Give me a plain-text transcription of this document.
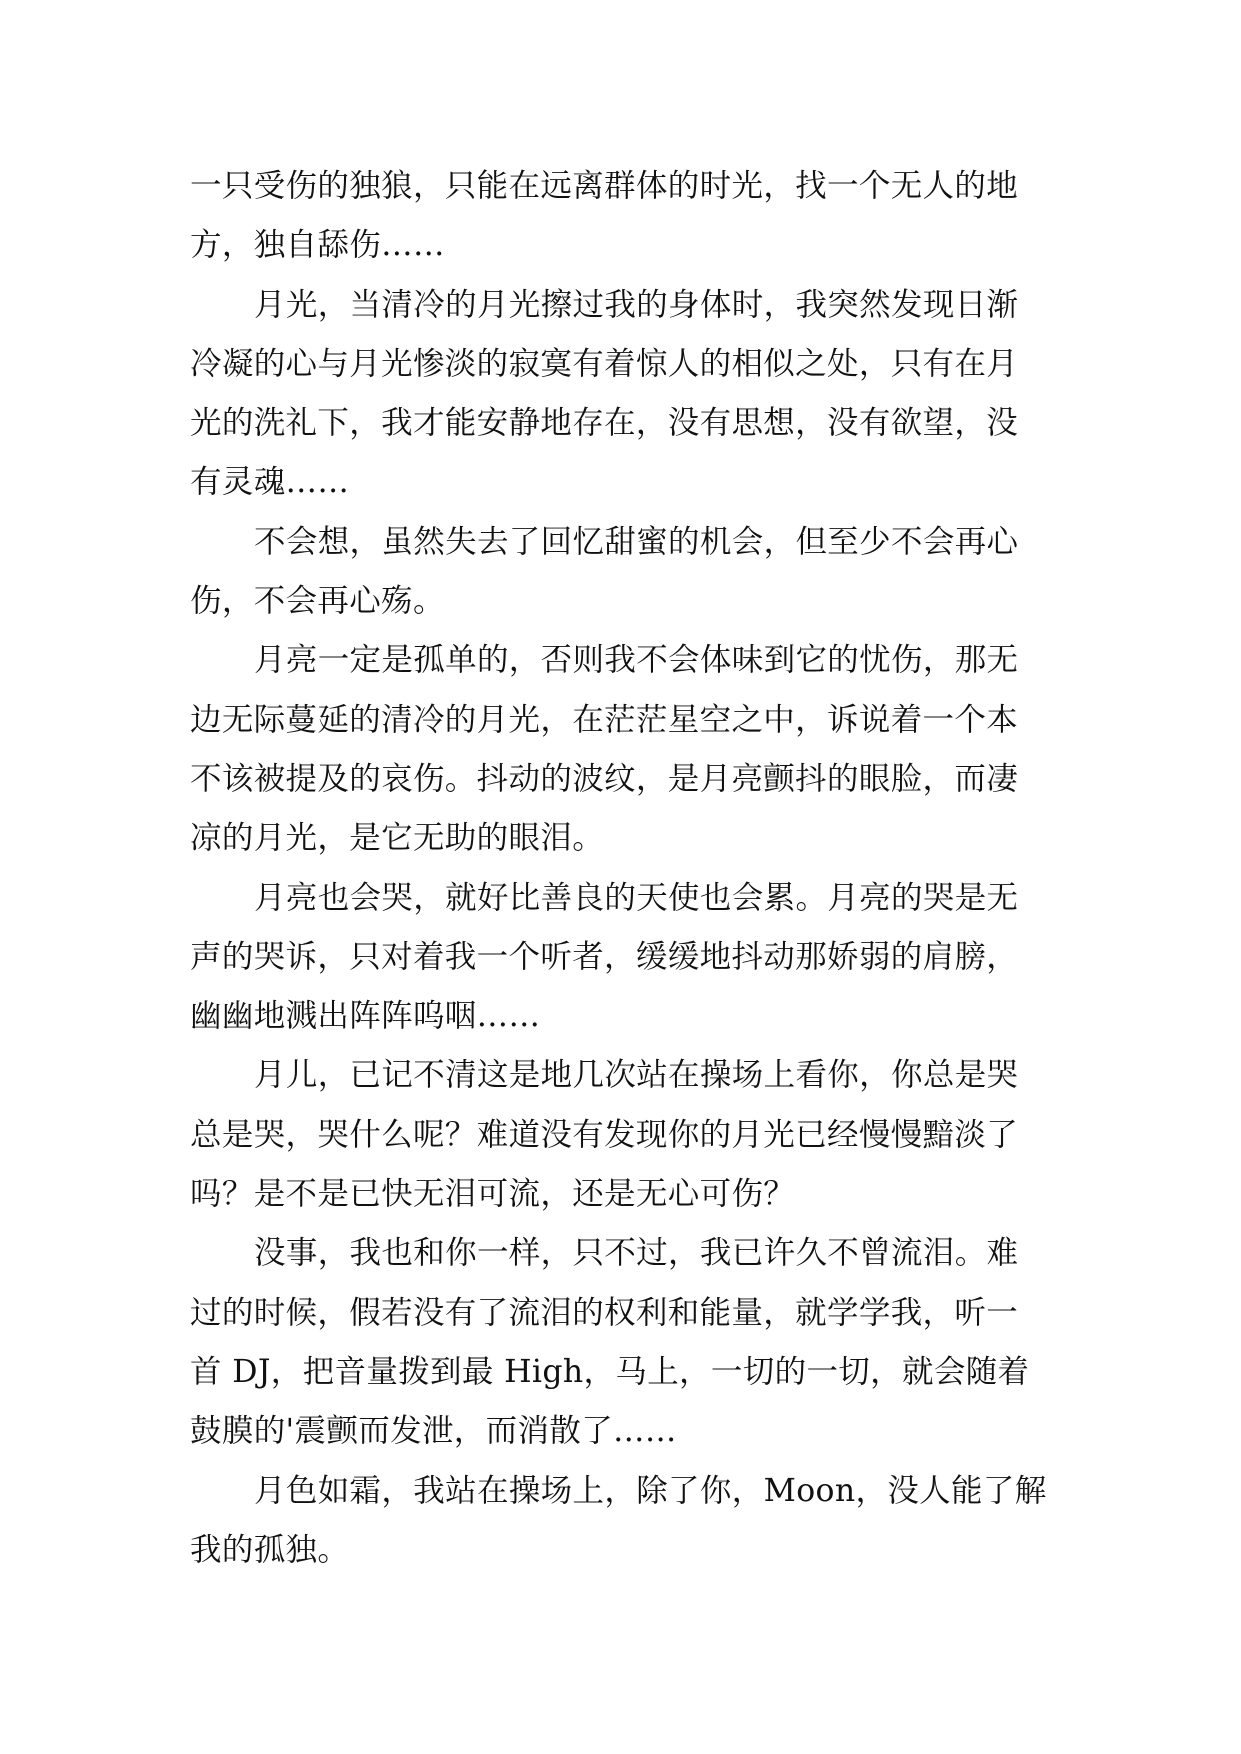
一只受伤的独狼，只能在远离群体的时光，找一个无人的地
方，独自舔伤……
月光，当清冷的月光擦过我的身体时，我突然发现日渐
冷凝的心与月光惨淡的寂寞有着惊人的相似之处，只有在月
光的洗礼下，我才能安静地存在，没有思想，没有欲望，没
有灵魂……
不会想，虽然失去了回忆甜蜜的机会，但至少不会再心
伤，不会再心殇。
月亮一定是孤单的，否则我不会体味到它的忧伤，那无
边无际蔓延的清冷的月光，在茫茫星空之中，诉说着一个本
不该被提及的哀伤。抖动的波纹，是月亮颤抖的眼脸，而凄
凉的月光，是它无助的眼泪。
月亮也会哭，就好比善良的天使也会累。月亮的哭是无
声的哭诉，只对着我一个听者，缓缓地抖动那娇弱的肩膀，
幽幽地溅出阵阵呜咽……
月儿，已记不清这是地几次站在操场上看你，你总是哭
总是哭，哭什么呢？难道没有发现你的月光已经慢慢黯淡了
吗？是不是已快无泪可流，还是无心可伤？
没事，我也和你一样，只不过，我已许久不曾流泪。难
过的时候，假若没有了流泪的权利和能量，就学学我，听一
首 DJ，把音量拨到最 High，马上，一切的一切，就会随着
鼓膜的'震颤而发泄，而消散了……
月色如霜，我站在操场上，除了你，Moon，没人能了解
我的孤独。
